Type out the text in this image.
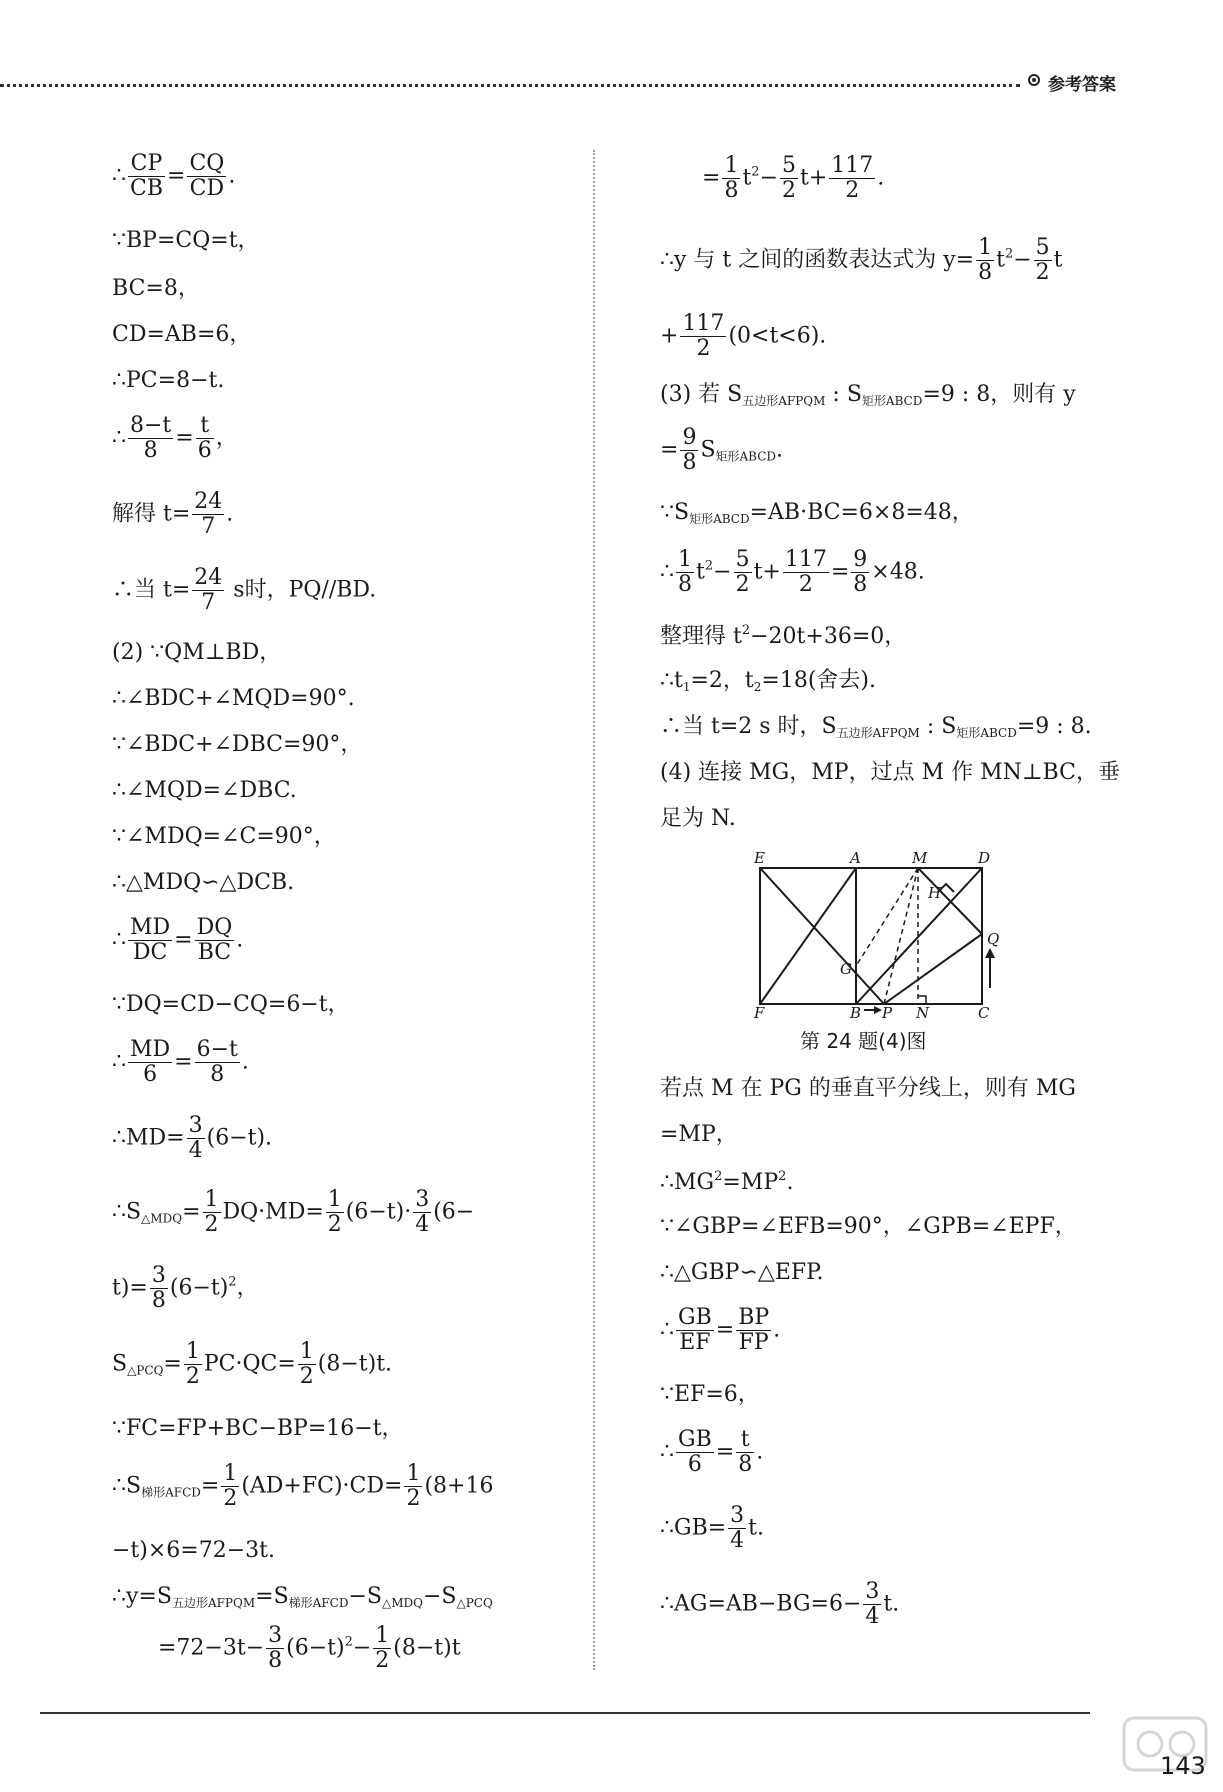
参考答案
∴ $\frac{CP}{CB} = \frac{CQ}{CD}$ .
∵BP=CQ=t，
BC=8，
CD=AB=6，
∴PC=8−t.
∴ $\frac{8-t}{8} = \frac{t}{6}$ ，
解得 $t= \frac{24}{7}$ .
∴当 $t= \frac{24}{7}$ s时，PQ//BD.
(2) ∵QM⊥BD，
∴∠BDC+∠MQD=90°.
∵∠BDC+∠DBC=90°，
∴∠MQD=∠DBC.
∵∠MDQ=∠C=90°，
∴△MDQ∽△DCB.
∴ $\frac{MD}{DC} = \frac{DQ}{BC}$ .
∵DQ=CD−CQ=6−t，
∴ $\frac{MD}{6} = \frac{6-t}{8}$ .
∴MD= $\frac{3}{4} (6-t)$.
$\therefore S_{\triangle MDQ}= \frac{1}{2} DQ\cdot MD= \frac{1}{2} (6-t)\cdot \frac{3}{4} (6-$
$t)= \frac{3}{8} (6-t)^2$，
$S_{\triangle PCQ}= \frac{1}{2} PC\cdot QC= \frac{1}{2} (8-t)t$.
∵FC=FP+BC−BP=16−t，
$\therefore S_{梯形AFCD}= \frac{1}{2} (AD+FC)\cdot CD= \frac{1}{2} (8+16$
−t)×6=72−3t.
$\therefore y=S_{五边形AFPQM}=S_{梯形AFCD}-S_{\triangle MDQ}-S_{\triangle PCQ}$
$=72-3t- \frac{3}{8} (6-t)^2- \frac{1}{2} (8-t)t$
= $\frac{1}{8} t^2- \frac{5}{2} t+ \frac{117}{2}$ .
∴y 与 t 之间的函数表达式为 $y= \frac{1}{8} t^2- \frac{5}{2}$ t
+ $\frac{117}{2} (0<t<6)$.
(3) 若 $S_{五边形AFPQM}$ : $S_{矩形ABCD}=9$ : 8，则有 y
= $\frac{9}{8} S_{矩形ABCD}$.
$\because S_{矩形ABCD}=AB\cdot BC=6\times 8=48$，
∴ $\frac{1}{8} t^2- \frac{5}{2} t+ \frac{117}{2} = \frac{9}{8} \times 48$.
整理得 $t^2-20t+36=0$，
$\therefore t_1=2$，$t_2=18$(舍去).
∴当 t=2 s 时，$S_{五边形AFPQM}$ : $S_{矩形ABCD}=9$ : 8.
(4) 连接 MG，MP，过点 M 作 MN⊥BC，垂
足为 N.
若点 M 在 PG 的垂直平分线上，则有 MG
=MP，
$\therefore MG^2=MP^2$.
∵∠GBP=∠EFB=90°，∠GPB=∠EPF，
∴△GBP∽△EFP.
∴ $\frac{GB}{EF} = \frac{BP}{FP}$ .
∵EF=6，
∴ $\frac{GB}{6} = \frac{t}{8}$ .
∴GB= $\frac{3}{4} t$.
∴AG=AB−BG=6− $\frac{3}{4} t$.
E	A	M	D
H
Q
G
F	B P N	C
第 24 题(4)图
143
